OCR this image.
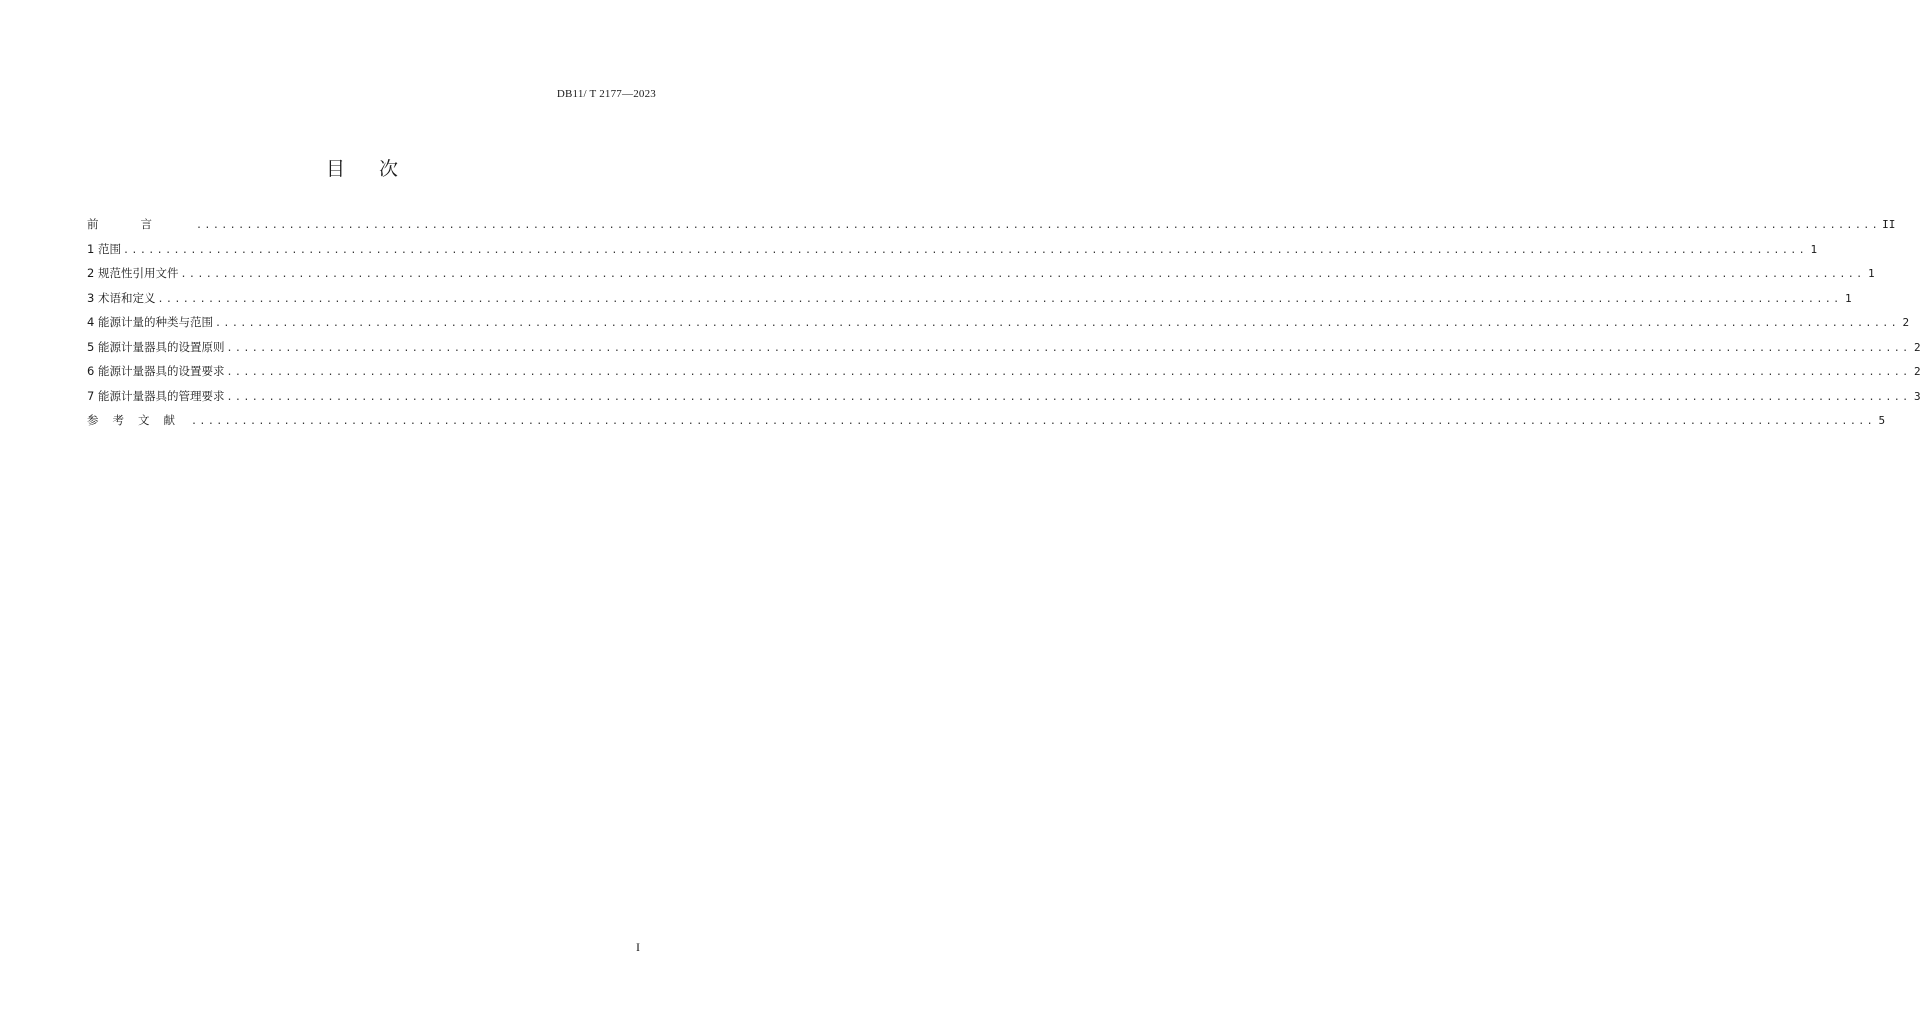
DB11/ T 2177—2023
目 次
前言 ........................................................................................................................................................................................................ II
1 范围 ........................................................................................................................................................................................................ 1
2 规范性引用文件 ........................................................................................................................................................................................................ 1
3 术语和定义 ........................................................................................................................................................................................................ 1
4 能源计量的种类与范围 ........................................................................................................................................................................................................ 2
5 能源计量器具的设置原则 ........................................................................................................................................................................................................ 2
6 能源计量器具的设置要求 ........................................................................................................................................................................................................ 2
7 能源计量器具的管理要求 ........................................................................................................................................................................................................ 3
参考文献 ........................................................................................................................................................................................................ 5
I
